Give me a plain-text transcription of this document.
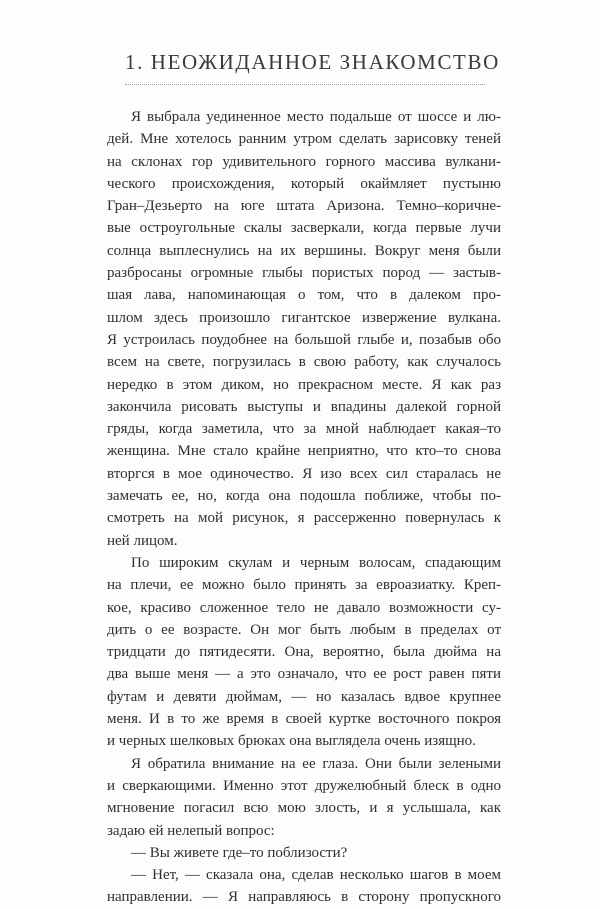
1. НЕОЖИДАННОЕ ЗНАКОМСТВО

Я выбрала уединенное место подальше от шоссе и лю-
дей. Мне хотелось ранним утром сделать зарисовку теней
на склонах гор удивительного горного массива вулкани-
ческого происхождения, который окаймляет пустыню
Гран–Дезьерто на юге штата Аризона. Темно–коричне-
вые остроугольные скалы засверкали, когда первые лучи
солнца выплеснулись на их вершины. Вокруг меня были
разбросаны огромные глыбы пористых пород — застыв-
шая лава, напоминающая о том, что в далеком про-
шлом здесь произошло гигантское извержение вулкана.
Я устроилась поудобнее на большой глыбе и, позабыв обо
всем на свете, погрузилась в свою работу, как случалось
нередко в этом диком, но прекрасном месте. Я как раз
закончила рисовать выступы и впадины далекой горной
гряды, когда заметила, что за мной наблюдает какая–то
женщина. Мне стало крайне неприятно, что кто–то снова
вторгся в мое одиночество. Я изо всех сил старалась не
замечать ее, но, когда она подошла поближе, чтобы по-
смотреть на мой рисунок, я рассерженно повернулась к
ней лицом.

По широким скулам и черным волосам, спадающим
на плечи, ее можно было принять за евроазиатку. Креп-
кое, красиво сложенное тело не давало возможности су-
дить о ее возрасте. Он мог быть любым в пределах от
тридцати до пятидесяти. Она, вероятно, была дюйма на
два выше меня — а это означало, что ее рост равен пяти
футам и девяти дюймам, — но казалась вдвое крупнее
меня. И в то же время в своей куртке восточного покроя
и черных шелковых брюках она выглядела очень изящно.

Я обратила внимание на ее глаза. Они были зелеными
и сверкающими. Именно этот дружелюбный блеск в одно
мгновение погасил всю мою злость, и я услышала, как
задаю ей нелепый вопрос:

— Вы живете где–то поблизости?

— Нет, — сказала она, сделав несколько шагов в моем
направлении. — Я направляюсь в сторону пропускного
